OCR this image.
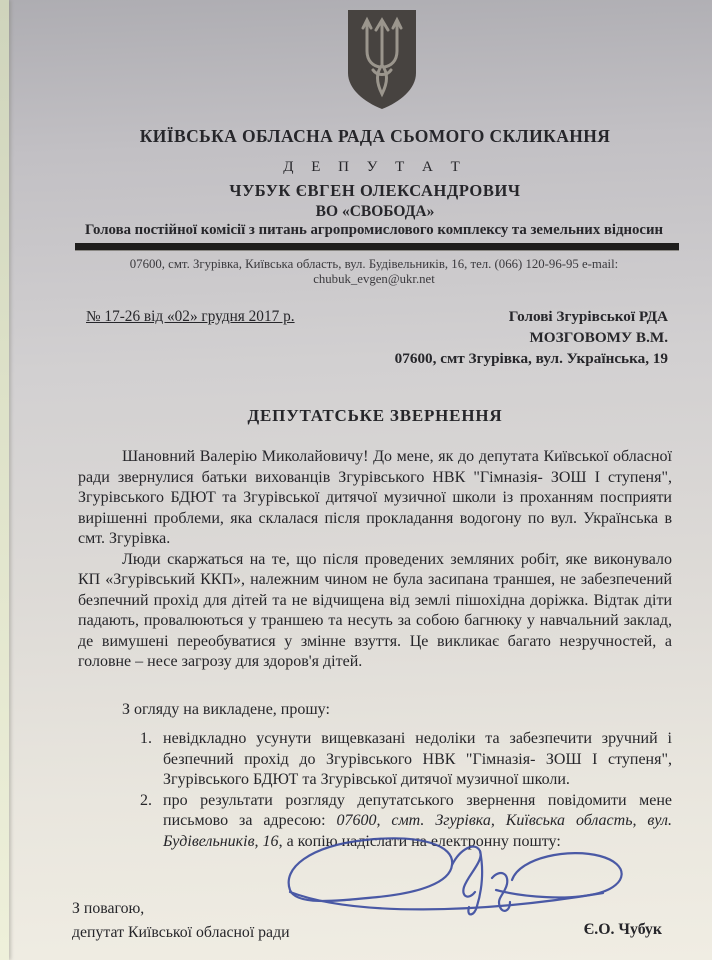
КИЇВСЬКА ОБЛАСНА РАДА СЬОМОГО СКЛИКАННЯ
Д Е П У Т А Т
ЧУБУК ЄВГЕН ОЛЕКСАНДРОВИЧ
ВО «СВОБОДА»
Голова постійної комісії з питань агропромислового комплексу та земельних відносин
07600, смт. Згурівка, Київська область, вул. Будівельників, 16, тел. (066) 120-96-95 e-mail: chubuk_evgen@ukr.net
№ 17-26 від «02» грудня 2017 р.	Голові Згурівської РДА
МОЗГОВОМУ В.М.
07600, смт Згурівка, вул. Українська, 19
ДЕПУТАТСЬКЕ ЗВЕРНЕННЯ

Шановний Валерію Миколайовичу! До мене, як до депутата Київської обласної ради звернулися батьки вихованців Згурівського НВК "Гімназія- ЗОШ І ступеня", Згурівського БДЮТ та Згурівської дитячої музичної школи із проханням посприяти вирішенні проблеми, яка склалася після прокладання водогону по вул. Українська в смт. Згурівка.

Люди скаржаться на те, що після проведених земляних робіт, яке виконувало КП «Згурівський ККП», належним чином не була засипана траншея, не забезпечений безпечний прохід для дітей та не відчищена від землі пішохідна доріжка. Відтак діти падають, провалюються у траншею та несуть за собою багнюку у навчальний заклад, де вимушені переобуватися у змінне взуття. Це викликає багато незручностей, а головне – несе загрозу для здоров'я дітей.

З огляду на викладене, прошу:

1. невідкладно усунути вищевказані недоліки та забезпечити зручний і безпечний прохід до Згурівського НВК "Гімназія- ЗОШ І ступеня", Згурівського БДЮТ та Згурівської дитячої музичної школи.
2. про результати розгляду депутатського звернення повідомити мене письмово за адресою: 07600, смт. Згурівка, Київська область, вул. Будівельників, 16, а копію надіслати на електронну пошту:
З повагою,
депутат Київської обласної ради	Є.О. Чубук
